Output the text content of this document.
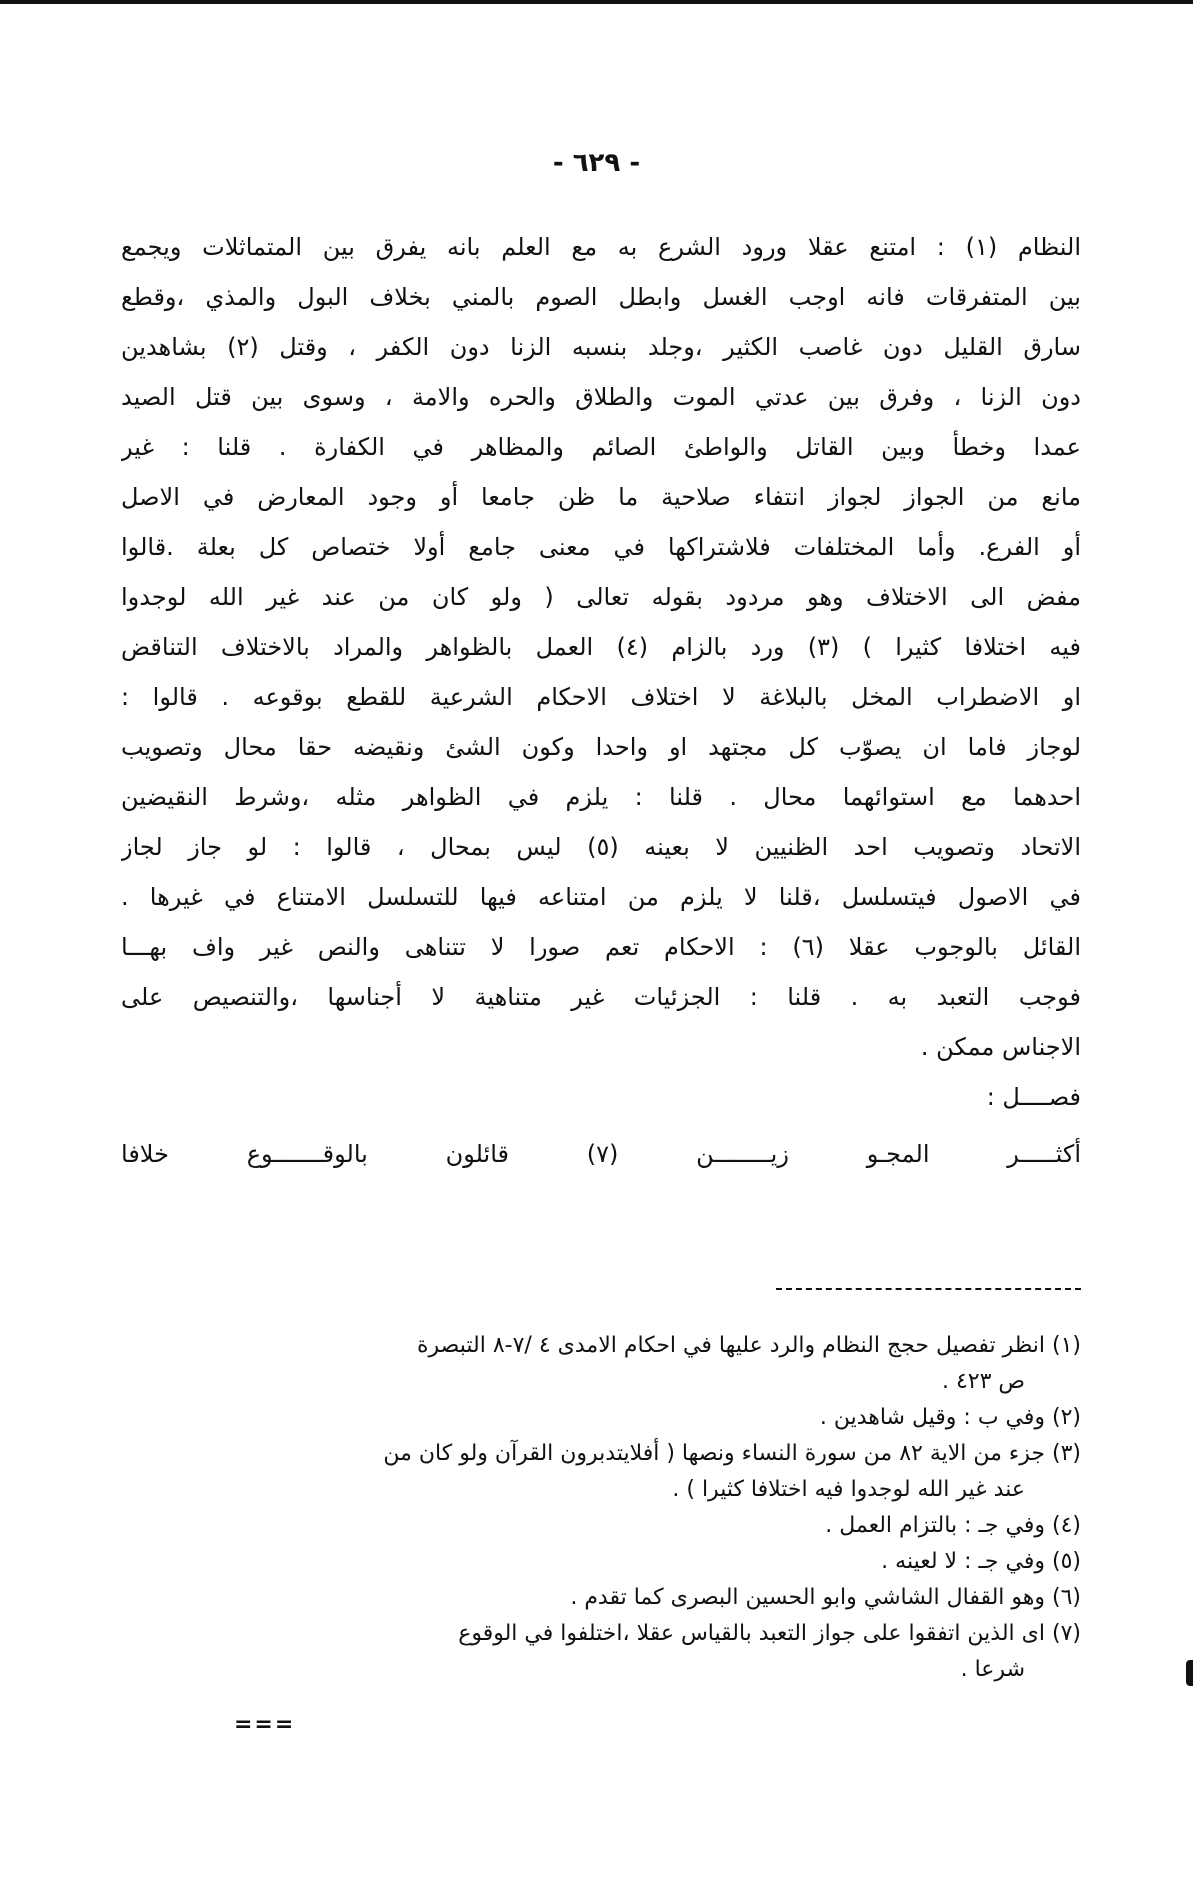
- ٦٢٩ -
النظام (١) : امتنع عقلا ورود الشرع به مع العلم بانه يفرق بين المتماثلات ويجمع
بين المتفرقات فانه اوجب الغسل وابطل الصوم بالمني بخلاف البول والمذي ،وقطع
سارق القليل دون غاصب الكثير ،وجلد بنسبه الزنا دون الكفر ، وقتل (٢) بشاهدين
دون الزنا ، وفرق بين عدتي الموت والطلاق والحره والامة ، وسوى بين قتل الصيد
عمدا وخطأ وبين القاتل والواطئ الصائم والمظاهر في الكفارة . قلنا : غير
مانع من الجواز لجواز انتفاء صلاحية ما ظن جامعا أو وجود المعارض في الاصل
أو الفرع. وأما المختلفات فلاشتراكها في معنى جامع أولا ختصاص كل بعلة .قالوا
مفض الى الاختلاف وهو مردود بقوله تعالى ( ولو كان من عند غير الله لوجدوا
فيه اختلافا كثيرا ) (٣) ورد بالزام (٤) العمل بالظواهر والمراد بالاختلاف التناقض
او الاضطراب المخل بالبلاغة لا اختلاف الاحكام الشرعية للقطع بوقوعه . قالوا :
لوجاز فاما ان يصوّب كل مجتهد او واحدا وكون الشئ ونقيضه حقا محال وتصويب
احدهما مع استوائهما محال . قلنا : يلزم في الظواهر مثله ،وشرط النقيضين
الاتحاد وتصويب احد الظنيين لا بعينه (٥) ليس بمحال ، قالوا : لو جاز لجاز
في الاصول فيتسلسل ،قلنا لا يلزم من امتناعه فيها للتسلسل الامتناع في غيرها .
القائل بالوجوب عقلا (٦) : الاحكام تعم صورا لا تتناهى والنص غير واف بهـــا
فوجب التعبد به . قلنا : الجزئيات غير متناهية لا أجناسها ،والتنصيص على
الاجناس ممكن .
فصــــل :
أكثـــــر المجـو زيــــــــن (٧) قائلون بالوقـــــــوع خلافا
(١) انظر تفصيل حجج النظام والرد عليها في احكام الامدى ٤ /٧-٨ التبصرة
ص ٤٢٣ .
(٢) وفي ب : وقيل شاهدين .
(٣) جزء من الاية ٨٢ من سورة النساء ونصها ( أفلايتدبرون القرآن ولو كان من
عند غير الله لوجدوا فيه اختلافا كثيرا ) .
(٤) وفي جـ : بالتزام العمل .
(٥) وفي جـ : لا لعينه .
(٦) وهو القفال الشاشي وابو الحسين البصرى كما تقدم .
(٧) اى الذين اتفقوا على جواز التعبد بالقياس عقلا ،اختلفوا في الوقوع
شرعا .
===
